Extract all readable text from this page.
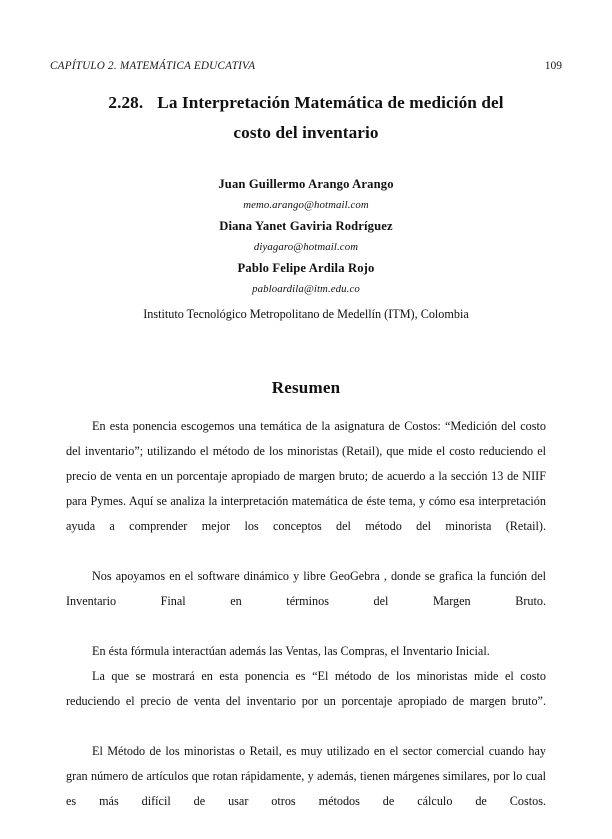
CAPÍTULO 2. MATEMÁTICA EDUCATIVA	109
2.28. La Interpretación Matemática de medición del
costo del inventario
Juan Guillermo Arango Arango
memo.arango@hotmail.com
Diana Yanet Gaviria Rodríguez
diyagaro@hotmail.com
Pablo Felipe Ardila Rojo
pabloardila@itm.edu.co
Instituto Tecnológico Metropolitano de Medellín (ITM), Colombia
Resumen

En esta ponencia escogemos una temática de la asignatura de Costos: “Medición del costo del inventario”; utilizando el método de los minoristas (Retail), que mide el costo reduciendo el precio de venta en un porcentaje apropiado de margen bruto; de acuerdo a la sección 13 de NIIF para Pymes. Aquí se analiza la interpretación matemática de éste tema, y cómo esa interpretación ayuda a comprender mejor los conceptos del método del minorista (Retail).

Nos apoyamos en el software dinámico y libre GeoGebra , donde se grafica la función del Inventario Final en términos del Margen Bruto.

En ésta fórmula interactúan además las Ventas, las Compras, el Inventario Inicial.

La que se mostrará en esta ponencia es “El método de los minoristas mide el costo reduciendo el precio de venta del inventario por un porcentaje apropiado de margen bruto”.

El Método de los minoristas o Retail, es muy utilizado en el sector comercial cuando hay gran número de artículos que rotan rápidamente, y además, tienen márgenes similares, por lo cual es más difícil de usar otros métodos de cálculo de Costos.
